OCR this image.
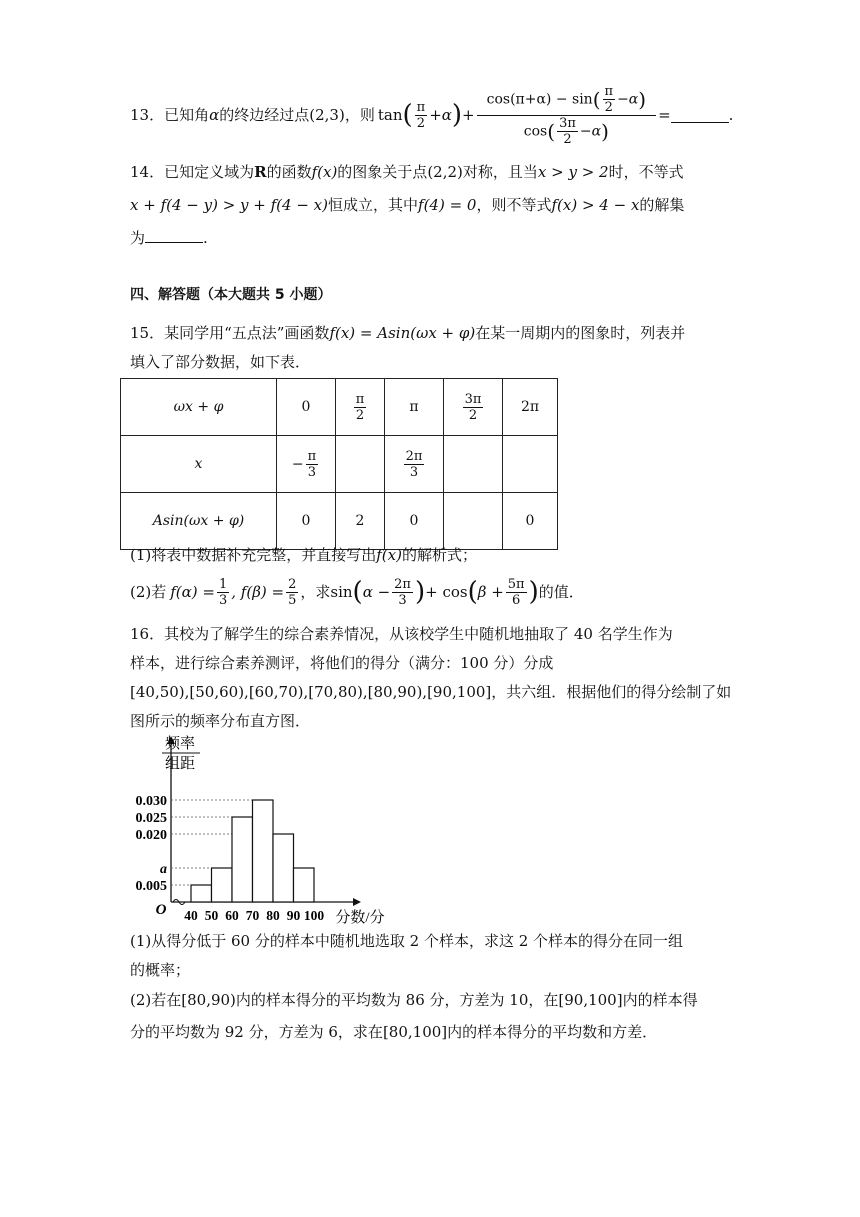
13． 已知角 α 的终边经过点 (2,3) ，则 tan ( $\frac{\pi}{2} +\alpha$ ) + $\frac{\cos(\pi+\alpha) - \sin( \frac{\pi}{2} -\alpha)}{\cos( \frac{3\pi}{2} -\alpha)}$ =	.
14．已知定义域为R的函数f(x)的图象关于点(2,2)对称，且当x > y > 2时，不等式
x + f(4 − y) > y + f(4 − x)恒成立，其中f(4) = 0，则不等式f(x) > 4 − x的解集
为	.
四、解答题（本大题共 5 小题）
15．某同学用“五点法”画函数f(x) = Asin(ωx + φ)在某一周期内的图象时，列表并
填入了部分数据，如下表．
ωx + φ	0	$\frac{\pi}{2}$	π	$\frac{3\pi}{2}$	2π
x	− $\frac{\pi}{3}$		$\frac{2\pi}{3}$

Asin(ωx + φ)	0	2	0		0
(1)将表中数据补充完整，并直接写出f(x)的解析式；
(2)若 $f(\alpha) = \frac{1}{3}$ , $f(\beta) = \frac{2}{5}$ ，求 sin ( $\alpha - \frac{2\pi}{3}$ ) + cos ( $\beta + \frac{5\pi}{6}$ ) 的值．
16．其校为了解学生的综合素养情况，从该校学生中随机地抽取了 40 名学生作为
样本，进行综合素养测评，将他们的得分（满分：100 分）分成
[40,50),[50,60),[60,70),[70,80),[80,90),[90,100]，共六组．根据他们的得分绘制了如
图所示的频率分布直方图．
频率
组距
0.030
0.025
0.020
a
0.005
40 50 60 70 80 90 100
O	分数/分
(1)从得分低于 60 分的样本中随机地选取 2 个样本，求这 2 个样本的得分在同一组
的概率；
(2)若在[80,90)内的样本得分的平均数为 86 分，方差为 10，在[90,100]内的样本得
分的平均数为 92 分，方差为 6，求在[80,100]内的样本得分的平均数和方差．
